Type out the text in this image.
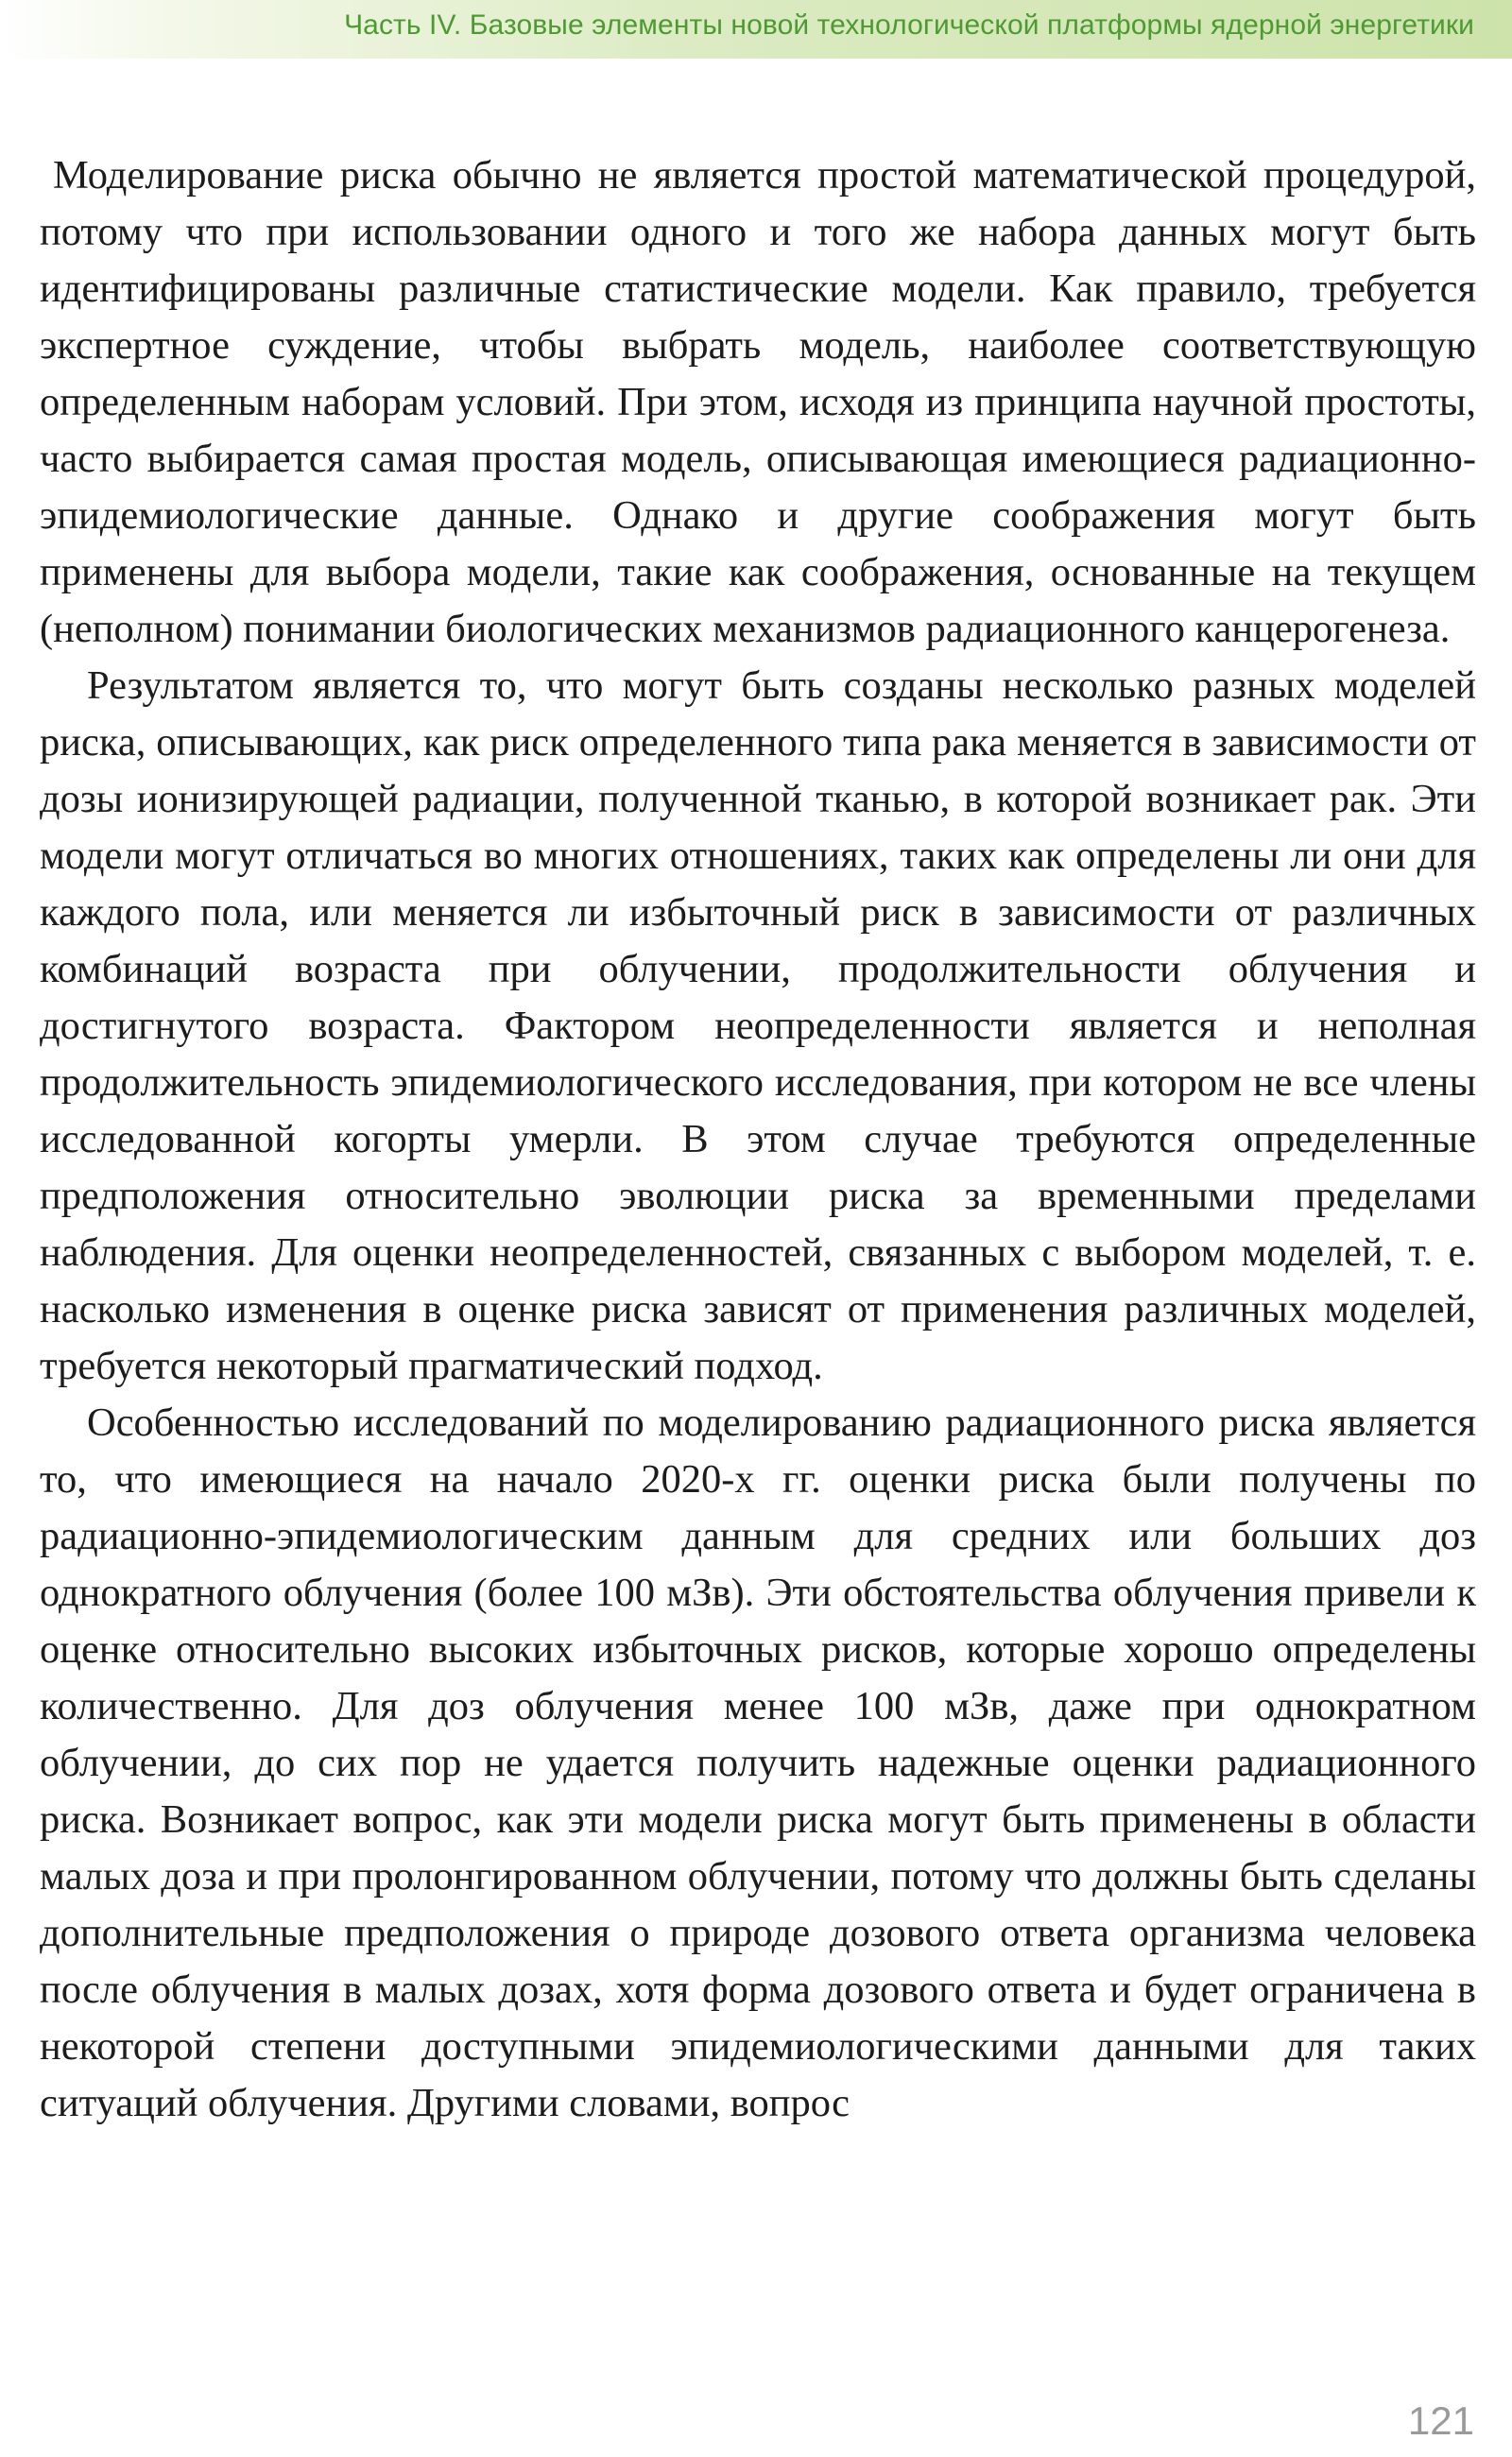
Часть IV. Базовые элементы новой технологической платформы ядерной энергетики

Моделирование риска обычно не является простой математической процедурой, потому что при использовании одного и того же набора данных могут быть идентифицированы различные статистические модели. Как правило, требуется экспертное суждение, чтобы выбрать модель, наиболее соответствующую определенным наборам условий. При этом, исходя из принципа научной простоты, часто выбирается самая простая модель, описывающая имеющиеся радиационно-эпидемиологические данные. Однако и другие соображения могут быть применены для выбора модели, такие как соображения, основанные на текущем (неполном) понимании биологических механизмов радиационного канцерогенеза.

Результатом является то, что могут быть созданы несколько разных моделей риска, описывающих, как риск определенного типа рака меняется в зависимости от дозы ионизирующей радиации, полученной тканью, в которой возникает рак. Эти модели могут отличаться во многих отношениях, таких как определены ли они для каждого пола, или меняется ли избыточный риск в зависимости от различных комбинаций возраста при облучении, продолжительности облучения и достигнутого возраста. Фактором неопределенности является и неполная продолжительность эпидемиологического исследования, при котором не все члены исследованной когорты умерли. В этом случае требуются определенные предположения относительно эволюции риска за временными пределами наблюдения. Для оценки неопределенностей, связанных с выбором моделей, т. е. насколько изменения в оценке риска зависят от применения различных моделей, требуется некоторый прагматический подход.

Особенностью исследований по моделированию радиационного риска является то, что имеющиеся на начало 2020-х гг. оценки риска были получены по радиационно-эпидемиологическим данным для средних или больших доз однократного облучения (более 100 мЗв). Эти обстоятельства облучения привели к оценке относительно высоких избыточных рисков, которые хорошо определены количественно. Для доз облучения менее 100 мЗв, даже при однократном облучении, до сих пор не удается получить надежные оценки радиационного риска. Возникает вопрос, как эти модели риска могут быть применены в области малых доза и при пролонгированном облучении, потому что должны быть сделаны дополнительные предположения о природе дозового ответа организма человека после облучения в малых дозах, хотя форма дозового ответа и будет ограничена в некоторой степени доступными эпидемиологическими данными для таких ситуаций облучения. Другими словами, вопрос

121
